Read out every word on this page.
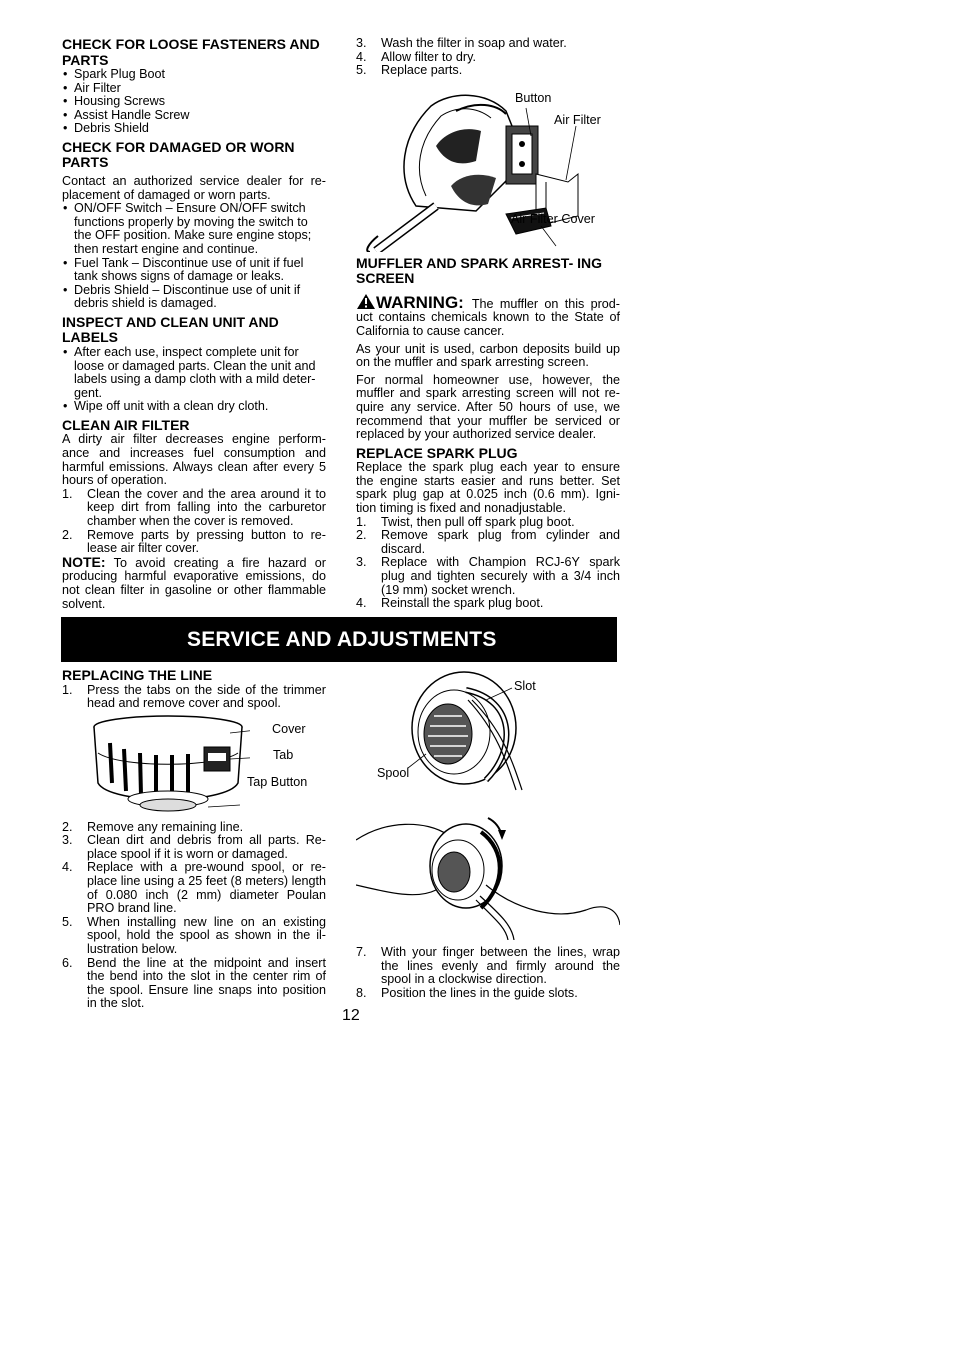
CHECK FOR LOOSE FASTENERS AND PARTS
• Spark Plug Boot
• Air Filter
• Housing Screws
• Assist Handle Screw
• Debris Shield
CHECK FOR DAMAGED OR WORN PARTS

Contact an authorized service dealer for re- placement of damaged or worn parts.

• ON/OFF Switch – Ensure ON/OFF switch functions properly by moving the switch to the OFF position. Make sure engine stops; then restart engine and continue.
• Fuel Tank – Discontinue use of unit if fuel tank shows signs of damage or leaks.
• Debris Shield – Discontinue use of unit if debris shield is damaged.
INSPECT AND CLEAN UNIT AND LABELS
• After each use, inspect complete unit for loose or damaged parts. Clean the unit and labels using a damp cloth with a mild deter- gent.
• Wipe off unit with a clean dry cloth.
CLEAN AIR FILTER

A dirty air filter decreases engine perform- ance and increases fuel consumption and harmful emissions. Always clean after every 5 hours of operation.

1. Clean the cover and the area around it to keep dirt from falling into the carburetor chamber when the cover is removed.
2. Remove parts by pressing button to re- lease air filter cover.

NOTE: To avoid creating a fire hazard or producing harmful evaporative emissions, do not clean filter in gasoline or other flammable solvent.

3. Wash the filter in soap and water.
4. Allow filter to dry.
5. Replace parts.
Button
Air Filter
Air Filter Cover
MUFFLER AND SPARK ARREST- ING SCREEN

WARNING: The muffler on this prod- uct contains chemicals known to the State of California to cause cancer.

As your unit is used, carbon deposits build up on the muffler and spark arresting screen.

For normal homeowner use, however, the muffler and spark arresting screen will not re- quire any service. After 50 hours of use, we recommend that your muffler be serviced or replaced by your authorized service dealer.

REPLACE SPARK PLUG

Replace the spark plug each year to ensure the engine starts easier and runs better. Set spark plug gap at 0.025 inch (0.6 mm). Igni- tion timing is fixed and nonadjustable.

1. Twist, then pull off spark plug boot.
2. Remove spark plug from cylinder and discard.
3. Replace with Champion RCJ-6Y spark plug and tighten securely with a 3/4 inch (19 mm) socket wrench.
4. Reinstall the spark plug boot.
SERVICE AND ADJUSTMENTS
REPLACING THE LINE
1. Press the tabs on the side of the trimmer head and remove cover and spool.
Cover
Tab
Tap Button
2. Remove any remaining line.
3. Clean dirt and debris from all parts. Re- place spool if it is worn or damaged.
4. Replace with a pre-wound spool, or re- place line using a 25 feet (8 meters) length of 0.080 inch (2 mm) diameter Poulan PRO brand line.
5. When installing new line on an existing spool, hold the spool as shown in the il- lustration below.
6. Bend the line at the midpoint and insert the bend into the slot in the center rim of the spool. Ensure line snaps into position in the slot.
Slot
Spool
7. With your finger between the lines, wrap the lines evenly and firmly around the spool in a clockwise direction.
8. Position the lines in the guide slots.
12
